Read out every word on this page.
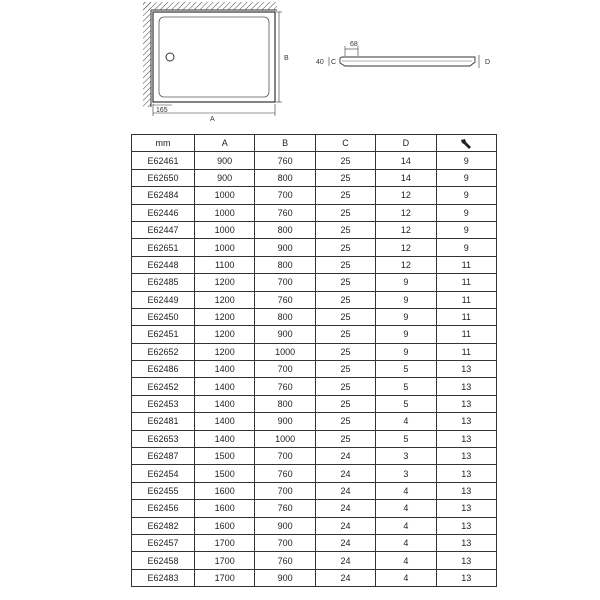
B
A
165
68
40 C	D
mm	A	B	C	D	
E62461	900	760	25	14	9
E62650	900	800	25	14	9
E62484	1000	700	25	12	9
E62446	1000	760	25	12	9
E62447	1000	800	25	12	9
E62651	1000	900	25	12	9
E62448	1100	800	25	12	11
E62485	1200	700	25	9	11
E62449	1200	760	25	9	11
E62450	1200	800	25	9	11
E62451	1200	900	25	9	11
E62652	1200	1000	25	9	11
E62486	1400	700	25	5	13
E62452	1400	760	25	5	13
E62453	1400	800	25	5	13
E62481	1400	900	25	4	13
E62653	1400	1000	25	5	13
E62487	1500	700	24	3	13
E62454	1500	760	24	3	13
E62455	1600	700	24	4	13
E62456	1600	760	24	4	13
E62482	1600	900	24	4	13
E62457	1700	700	24	4	13
E62458	1700	760	24	4	13
E62483	1700	900	24	4	13
